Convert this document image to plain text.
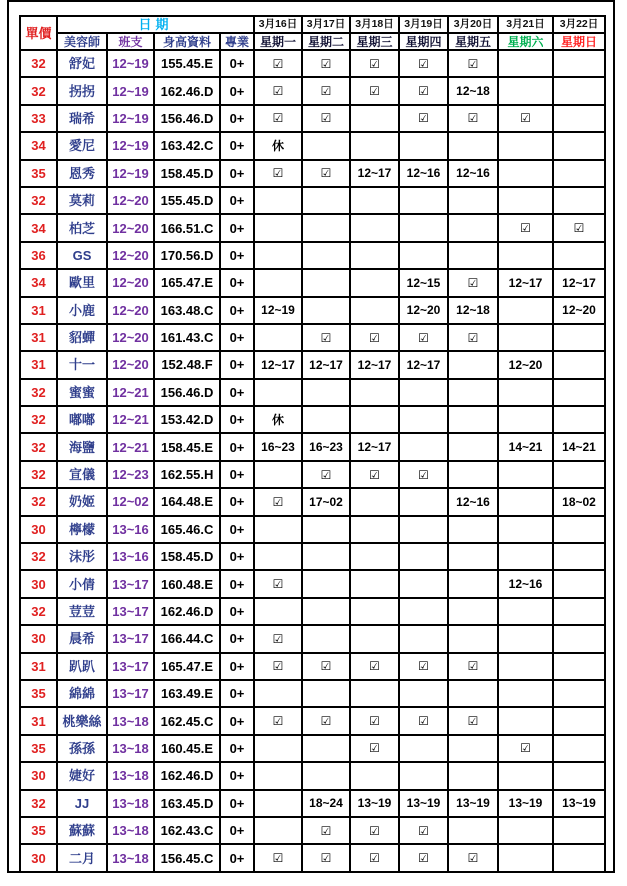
單價	日期				3月16日	3月17日	3月18日	3月19日	3月20日	3月21日	3月22日
	美容師	班支	身高資料	專業	星期一	星期二	星期三	星期四	星期五	星期六	星期日
32	舒妃	12~19	155.45.E	0+	☑	☑	☑	☑	☑		
32	拐拐	12~19	162.46.D	0+	☑	☑	☑	☑	12~18		
33	瑞希	12~19	156.46.D	0+	☑	☑		☑	☑	☑	
34	愛尼	12~19	163.42.C	0+	休						
35	恩秀	12~19	158.45.D	0+	☑	☑	12~17	12~16	12~16		
32	莫莉	12~20	155.45.D	0+							
34	柏芝	12~20	166.51.C	0+						☑	☑
36	GS	12~20	170.56.D	0+							
34	歐里	12~20	165.47.E	0+				12~15	☑	12~17	12~17
31	小鹿	12~20	163.48.C	0+	12~19			12~20	12~18		12~20
31	貂蟬	12~20	161.43.C	0+		☑	☑	☑	☑		
31	十一	12~20	152.48.F	0+	12~17	12~17	12~17	12~17		12~20	
32	蜜蜜	12~21	156.46.D	0+							
32	嘟嘟	12~21	153.42.D	0+	休						
32	海鹽	12~21	158.45.E	0+	16~23	16~23	12~17			14~21	14~21
32	宣儀	12~23	162.55.H	0+		☑	☑	☑			
32	奶姬	12~02	164.48.E	0+	☑	17~02			12~16		18~02
30	檸檬	13~16	165.46.C	0+							
32	沫彤	13~16	158.45.D	0+							
30	小倩	13~17	160.48.E	0+	☑					12~16	
32	荳荳	13~17	162.46.D	0+							
30	晨希	13~17	166.44.C	0+	☑						
31	趴趴	13~17	165.47.E	0+	☑	☑	☑	☑	☑		
35	綿綿	13~17	163.49.E	0+							
31	桃樂絲	13~18	162.45.C	0+	☑	☑	☑	☑	☑		
35	孫孫	13~18	160.45.E	0+			☑			☑	
30	婕好	13~18	162.46.D	0+							
32	JJ	13~18	163.45.D	0+		18~24	13~19	13~19	13~19	13~19	13~19
35	蘇蘇	13~18	162.43.C	0+		☑	☑	☑			
30	二月	13~18	156.45.C	0+	☑	☑	☑	☑	☑		
